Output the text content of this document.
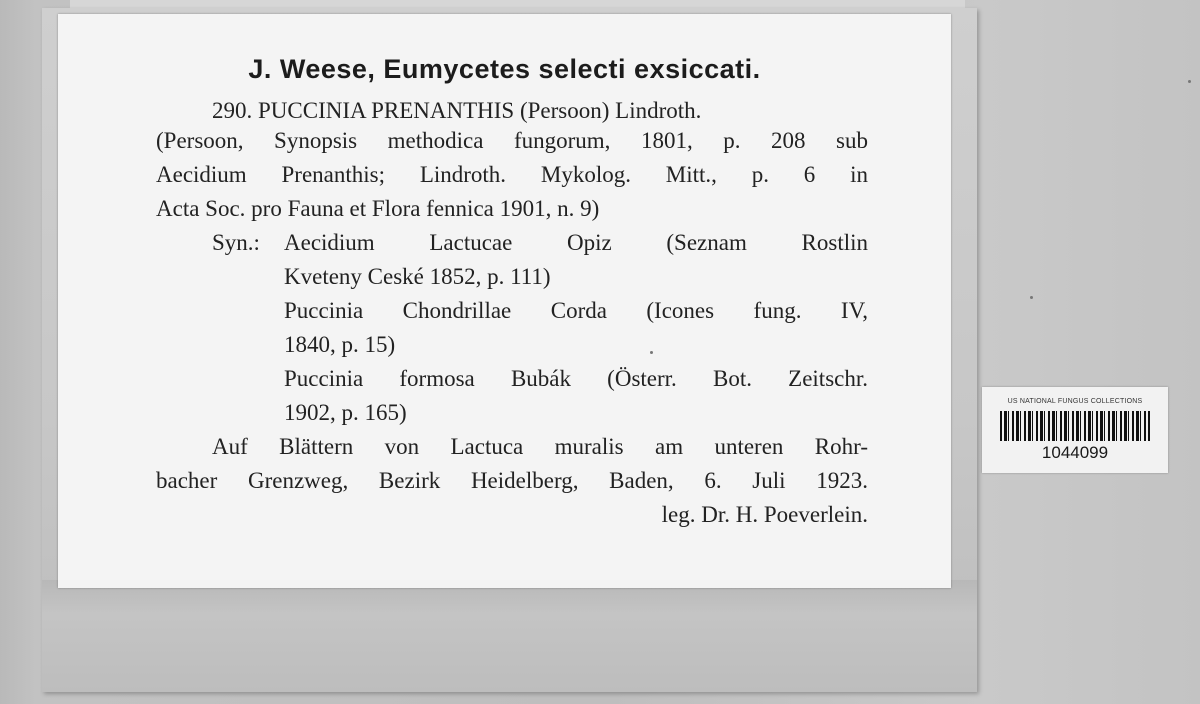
J. Weese, Eumycetes selecti exsiccati.
290. PUCCINIA PRENANTHIS (Persoon) Lindroth.
(Persoon, Synopsis methodica fungorum, 1801, p. 208 sub
Aecidium Prenanthis; Lindroth. Mykolog. Mitt., p. 6 in
Acta Soc. pro Fauna et Flora fennica 1901, n. 9)
Syn.: Aecidium Lactucae Opiz (Seznam Rostlin
Kveteny Ceské 1852, p. 111)
Puccinia Chondrillae Corda (Icones fung. IV,
1840, p. 15)
Puccinia formosa Bubák (Österr. Bot. Zeitschr.
1902, p. 165)
Auf Blättern von Lactuca muralis am unteren Rohr-
bacher Grenzweg, Bezirk Heidelberg, Baden, 6. Juli 1923.
leg. Dr. H. Poeverlein.
US NATIONAL FUNGUS COLLECTIONS
1044099
